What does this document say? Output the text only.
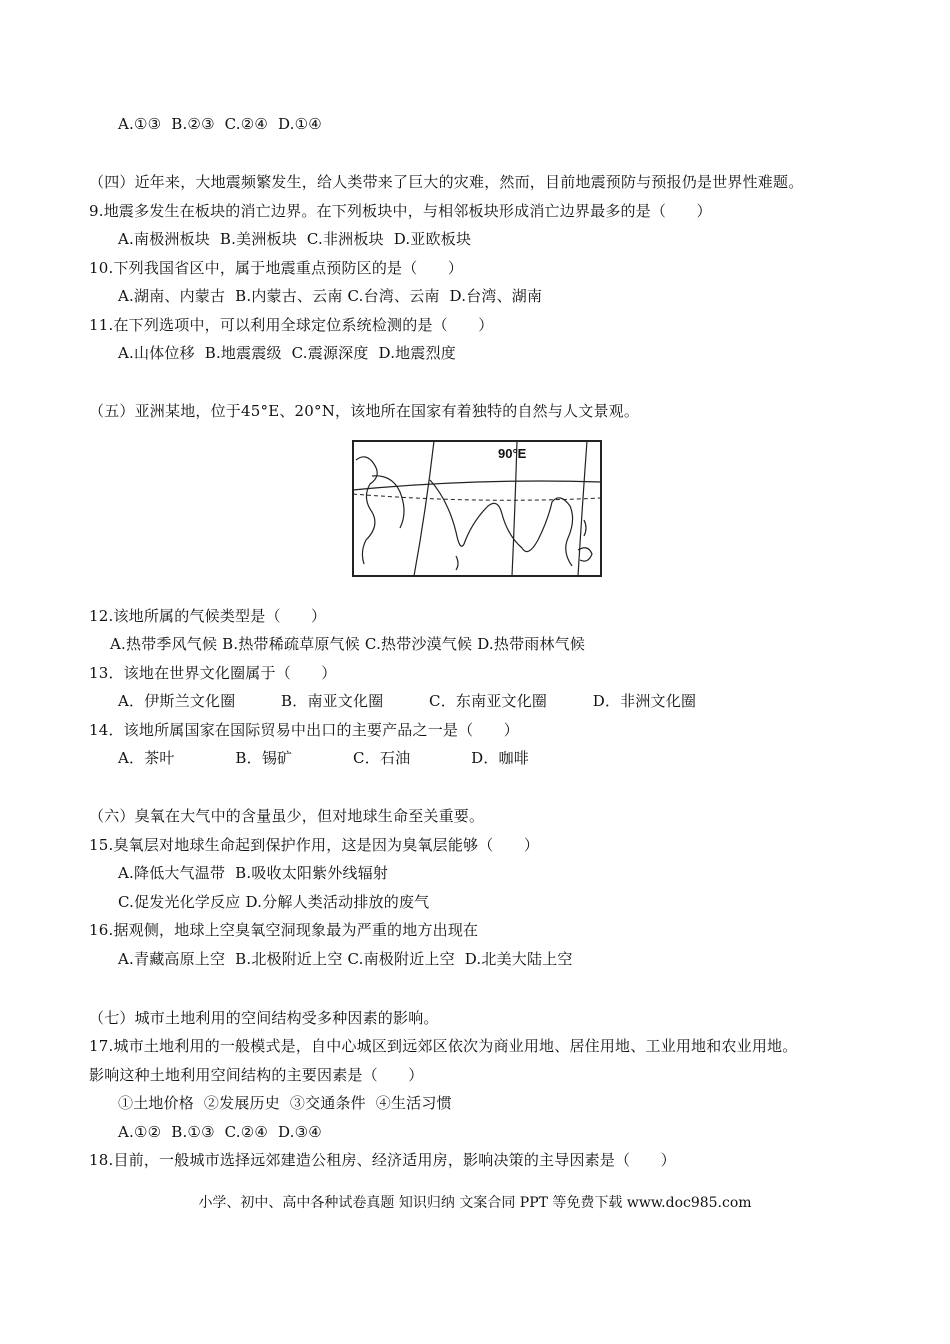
A.①③  B.②③  C.②④  D.①④
（四）近年来，大地震频繁发生，给人类带来了巨大的灾难，然而，目前地震预防与预报仍是世界性难题。
9.地震多发生在板块的消亡边界。在下列板块中，与相邻板块形成消亡边界最多的是（　　）
A.南极洲板块  B.美洲板块  C.非洲板块  D.亚欧板块
10.下列我国省区中，属于地震重点预防区的是（　　）
A.湖南、内蒙古  B.内蒙古、云南 C.台湾、云南  D.台湾、湖南
11.在下列选项中，可以利用全球定位系统检测的是（　　）
A.山体位移  B.地震震级  C.震源深度  D.地震烈度
（五）亚洲某地，位于45°E、20°N，该地所在国家有着独特的自然与人文景观。
90°E
12.该地所属的气候类型是（　　）
A.热带季风气候 B.热带稀疏草原气候 C.热带沙漠气候 D.热带雨林气候
13．该地在世界文化圈属于（　　）
A．伊斯兰文化圈　　　B．南亚文化圈　　　C．东南亚文化圈　　　D．非洲文化圈
14．该地所属国家在国际贸易中出口的主要产品之一是（　　）
A．茶叶　　　　B．锡矿　　　　C．石油　　　　D．咖啡
（六）臭氧在大气中的含量虽少，但对地球生命至关重要。
15.臭氧层对地球生命起到保护作用，这是因为臭氧层能够（　　）
A.降低大气温带  B.吸收太阳紫外线辐射
C.促发光化学反应 D.分解人类活动排放的废气
16.据观侧，地球上空臭氧空洞现象最为严重的地方出现在
A.青藏高原上空  B.北极附近上空 C.南极附近上空  D.北美大陆上空
（七）城市土地利用的空间结构受多种因素的影响。
17.城市土地利用的一般模式是，自中心城区到远郊区依次为商业用地、居住用地、工业用地和农业用地。
影响这种土地利用空间结构的主要因素是（　　）
①土地价格  ②发展历史  ③交通条件  ④生活习惯
A.①②  B.①③  C.②④  D.③④
18.目前，一般城市选择远郊建造公租房、经济适用房，影响决策的主导因素是（　　）
小学、初中、高中各种试卷真题 知识归纳 文案合同 PPT 等免费下载 www.doc985.com
